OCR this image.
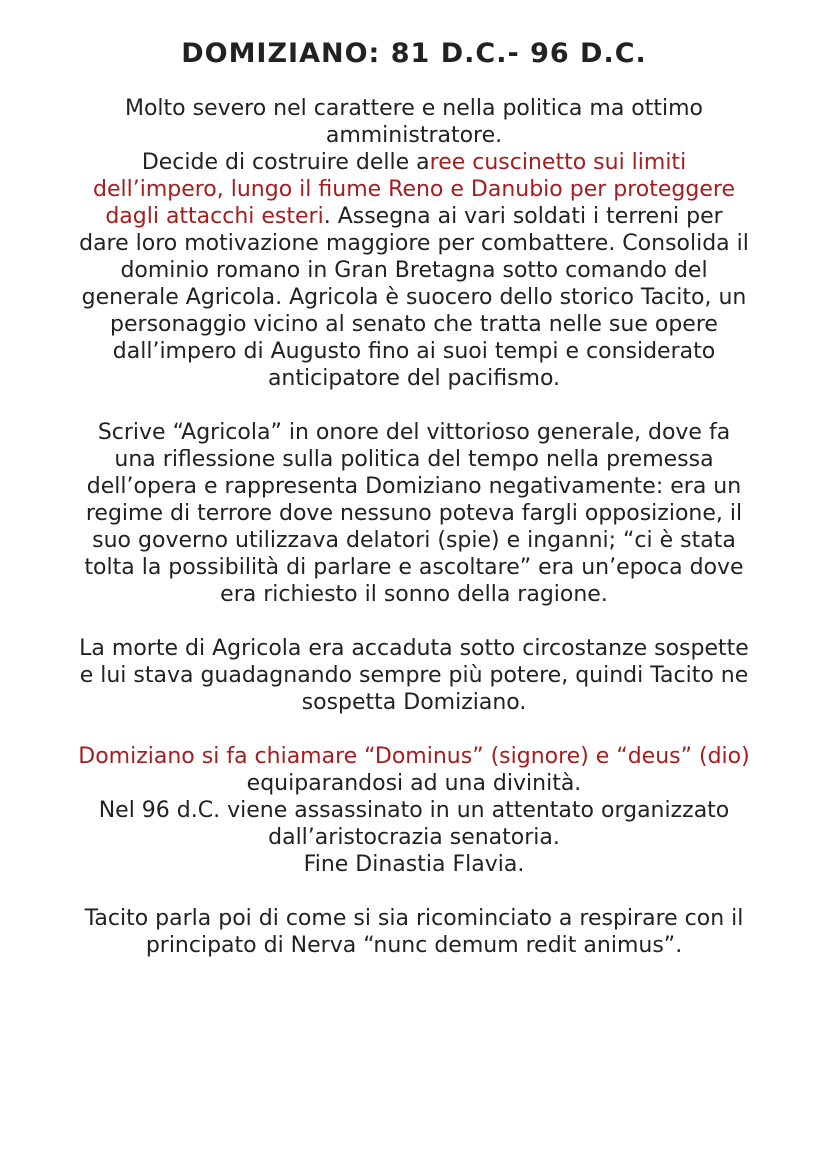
DOMIZIANO: 81 D.C.- 96 D.C.

Molto severo nel carattere e nella politica ma ottimo amministratore.
Decide di costruire delle aree cuscinetto sui limiti dell’impero, lungo il fiume Reno e Danubio per proteggere dagli attacchi esteri. Assegna ai vari soldati i terreni per dare loro motivazione maggiore per combattere. Consolida il dominio romano in Gran Bretagna sotto comando del generale Agricola. Agricola è suocero dello storico Tacito, un personaggio vicino al senato che tratta nelle sue opere dall’impero di Augusto fino ai suoi tempi e considerato anticipatore del pacifismo.

Scrive “Agricola” in onore del vittorioso generale, dove fa una riflessione sulla politica del tempo nella premessa dell’opera e rappresenta Domiziano negativamente: era un regime di terrore dove nessuno poteva fargli opposizione, il suo governo utilizzava delatori (spie) e inganni; “ci è stata tolta la possibilità di parlare e ascoltare” era un’epoca dove era richiesto il sonno della ragione.

La morte di Agricola era accaduta sotto circostanze sospette e lui stava guadagnando sempre più potere, quindi Tacito ne sospetta Domiziano.

Domiziano si fa chiamare “Dominus” (signore) e “deus” (dio) equiparandosi ad una divinità.
Nel 96 d.C. viene assassinato in un attentato organizzato dall’aristocrazia senatoria.
Fine Dinastia Flavia.

Tacito parla poi di come si sia ricominciato a respirare con il principato di Nerva “nunc demum redit animus”.
